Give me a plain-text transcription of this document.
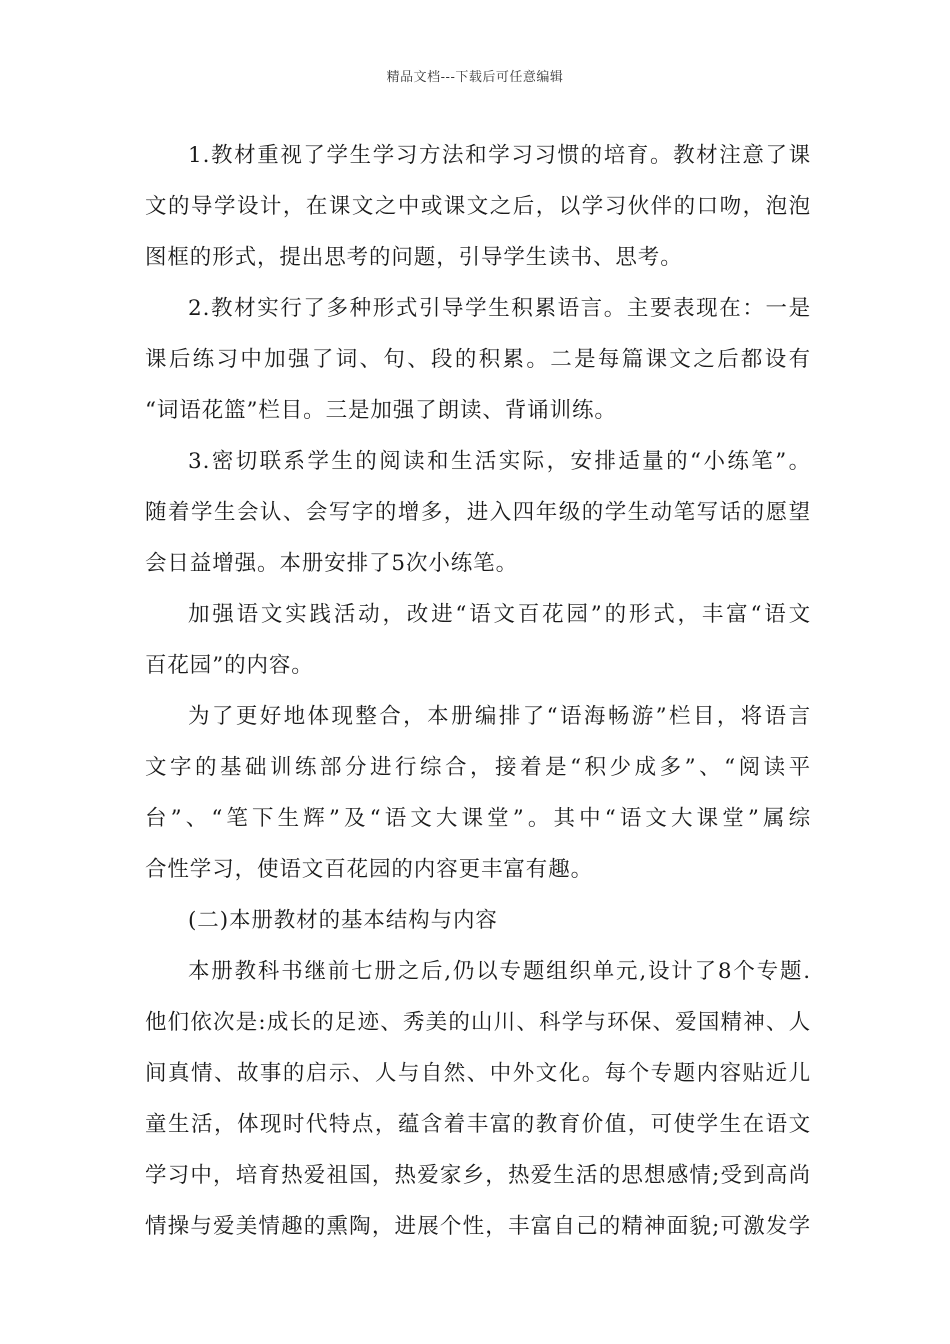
精品文档---下载后可任意编辑
1.教材重视了学生学习方法和学习习惯的培育。教材注意了课
文的导学设计，在课文之中或课文之后，以学习伙伴的口吻，泡泡
图框的形式，提出思考的问题，引导学生读书、思考。
2.教材实行了多种形式引导学生积累语言。主要表现在：一是
课后练习中加强了词、句、段的积累。二是每篇课文之后都设有
“词语花篮”栏目。三是加强了朗读、背诵训练。
3.密切联系学生的阅读和生活实际，安排适量的“小练笔”。
随着学生会认、会写字的增多，进入四年级的学生动笔写话的愿望
会日益增强。本册安排了5次小练笔。
加强语文实践活动，改进“语文百花园”的形式，丰富“语文
百花园”的内容。
为了更好地体现整合，本册编排了“语海畅游”栏目，将语言
文字的基础训练部分进行综合，接着是“积少成多”、“阅读平
台”、“笔下生辉”及“语文大课堂”。其中“语文大课堂”属综
合性学习，使语文百花园的内容更丰富有趣。
(二)本册教材的基本结构与内容
本册教科书继前七册之后,仍以专题组织单元,设计了8个专题.
他们依次是:成长的足迹、秀美的山川、科学与环保、爱国精神、人
间真情、故事的启示、人与自然、中外文化。每个专题内容贴近儿
童生活，体现时代特点，蕴含着丰富的教育价值，可使学生在语文
学习中，培育热爱祖国，热爱家乡，热爱生活的思想感情;受到高尚
情操与爱美情趣的熏陶，进展个性，丰富自己的精神面貌;可激发学
